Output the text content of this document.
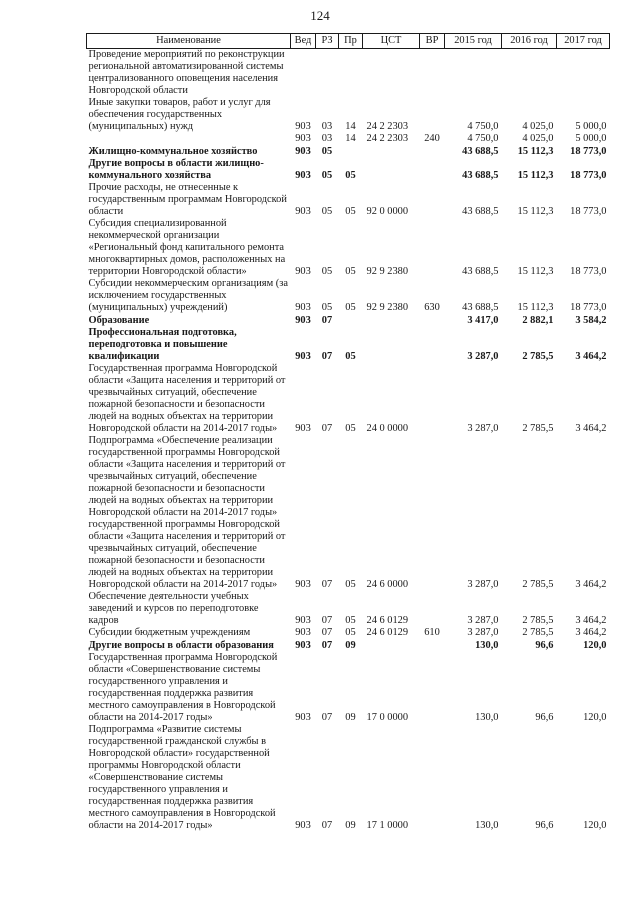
124
Наименование	Вед	РЗ	Пр	ЦСТ	ВР	2015 год	2016 год	2017 год
Проведение мероприятий по реконструкции региональной автоматизированной системы централизованного оповещения населения Новгородской области								
Иные закупки товаров, работ и услуг для обеспечения государственных (муниципальных) нужд	903	03	14	24 2 2303		4 750,0	4 025,0	5 000,0
	903	03	14	24 2 2303	240	4 750,0	4 025,0	5 000,0
Жилищно-коммунальное хозяйство	903	05				43 688,5	15 112,3	18 773,0
Другие вопросы в области жилищно-коммунального хозяйства	903	05	05			43 688,5	15 112,3	18 773,0
Прочие расходы, не отнесенные к государственным программам Новгородской области	903	05	05	92 0 0000		43 688,5	15 112,3	18 773,0
Субсидия специализированной некоммерческой организации «Региональный фонд капитального ремонта многоквартирных домов, расположенных на территории Новгородской области»	903	05	05	92 9 2380		43 688,5	15 112,3	18 773,0
Субсидии некоммерческим организациям (за исключением государственных (муниципальных) учреждений)	903	05	05	92 9 2380	630	43 688,5	15 112,3	18 773,0
Образование	903	07				3 417,0	2 882,1	3 584,2
Профессиональная подготовка, переподготовка и повышение квалификации	903	07	05			3 287,0	2 785,5	3 464,2
Государственная программа Новгородской области «Защита населения и территорий от чрезвычайных ситуаций, обеспечение пожарной безопасности и безопасности людей на водных объектах на территории Новгородской области на 2014-2017 годы»	903	07	05	24 0 0000		3 287,0	2 785,5	3 464,2
Подпрограмма «Обеспечение реализации государственной программы Новгородской области «Защита населения и территорий от чрезвычайных ситуаций, обеспечение пожарной безопасности и безопасности людей на водных объектах на территории Новгородской области на 2014-2017 годы» государственной программы Новгородской области «Защита населения и территорий от чрезвычайных ситуаций, обеспечение пожарной безопасности и безопасности людей на водных объектах на территории Новгородской области на 2014-2017 годы»	903	07	05	24 6 0000		3 287,0	2 785,5	3 464,2
Обеспечение деятельности учебных заведений и курсов по переподготовке кадров	903	07	05	24 6 0129		3 287,0	2 785,5	3 464,2
Субсидии бюджетным учреждениям	903	07	05	24 6 0129	610	3 287,0	2 785,5	3 464,2
Другие вопросы в области образования	903	07	09			130,0	96,6	120,0
Государственная программа Новгородской области «Совершенствование системы государственного управления и государственная поддержка развития местного самоуправления в Новгородской области на 2014-2017 годы»	903	07	09	17 0 0000		130,0	96,6	120,0
Подпрограмма «Развитие системы государственной гражданской службы в Новгородской области» государственной программы Новгородской области «Совершенствование системы государственного управления и государственная поддержка развития местного самоуправления в Новгородской области на 2014-2017 годы»	903	07	09	17 1 0000		130,0	96,6	120,0
